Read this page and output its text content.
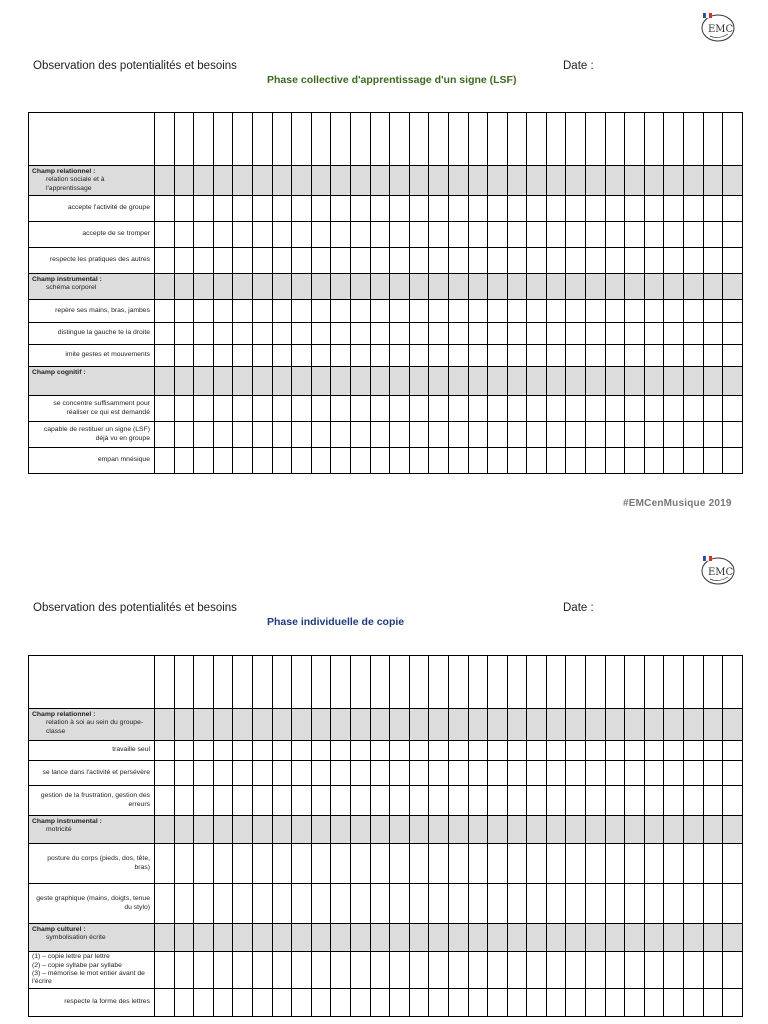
EMC
Observation des potentialités et besoins	Date :
Phase collective d'apprentissage d'un signe (LSF)

Champ relationnel :
relation sociale et à l'apprentissage																														

accepte l'activité de groupe																														
accepte de se tromper																														
respecte les pratiques des autres																														

Champ instrumental :
schéma corporel																														

repère ses mains, bras, jambes																														
distingue la gauche te la droite																														
imite gestes et mouvements																														

Champ cognitif :																														

se concentre suffisamment pour réaliser ce qui est demandé																														
capable de restituer un signe (LSF) déjà vu en groupe																														
empan mnésique																														
#EMCenMusique 2019
EMC
Observation des potentialités et besoins	Date :
Phase individuelle de copie

Champ relationnel :
relation à soi au sein du groupe-classe																														

travaille seul																														
se lance dans l'activité et persévère																														
gestion de la frustration, gestion des erreurs																														

Champ instrumental :
motricité																														

posture du corps (pieds, dos, tête, bras)																														
geste graphique (mains, doigts, tenue du stylo)																														

Champ culturel :
symbolisation écrite																														

(1) – copie lettre par lettre
(2) – copie syllabe par syllabe
(3) – mémorise le mot entier avant de l'écrire																														

respecte la forme des lettres																														
